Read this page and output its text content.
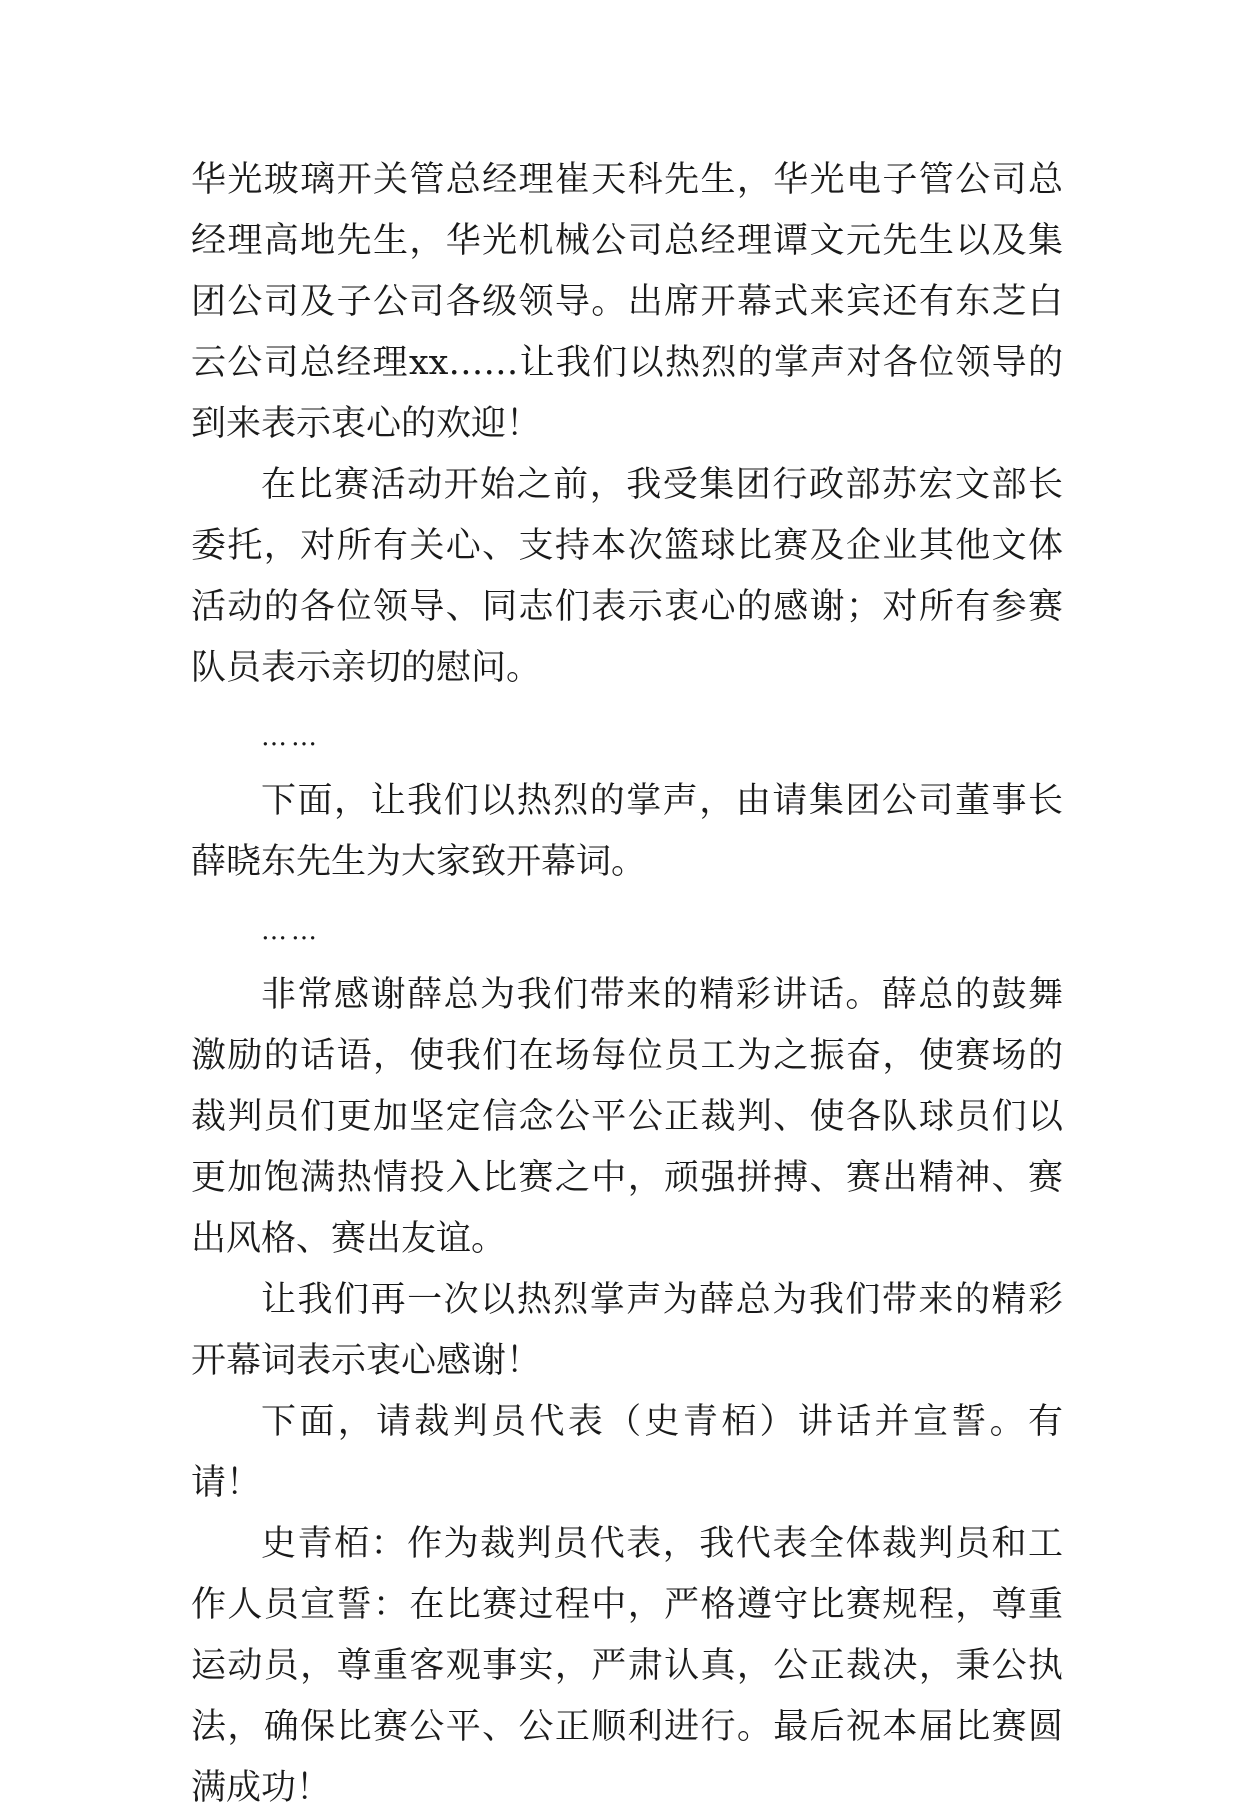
华光玻璃开关管总经理崔天科先生，华光电子管公司总经理高地先生，华光机械公司总经理谭文元先生以及集团公司及子公司各级领导。出席开幕式来宾还有东芝白云公司总经理xx……让我们以热烈的掌声对各位领导的到来表示衷心的欢迎！

在比赛活动开始之前，我受集团行政部苏宏文部长委托，对所有关心、支持本次篮球比赛及企业其他文体活动的各位领导、同志们表示衷心的感谢；对所有参赛队员表示亲切的慰问。

……

下面，让我们以热烈的掌声，由请集团公司董事长薛晓东先生为大家致开幕词。

……

非常感谢薛总为我们带来的精彩讲话。薛总的鼓舞激励的话语，使我们在场每位员工为之振奋，使赛场的裁判员们更加坚定信念公平公正裁判、使各队球员们以更加饱满热情投入比赛之中，顽强拼搏、赛出精神、赛出风格、赛出友谊。

让我们再一次以热烈掌声为薛总为我们带来的精彩开幕词表示衷心感谢！

下面，请裁判员代表（史青栢）讲话并宣誓。有请！

史青栢：作为裁判员代表，我代表全体裁判员和工作人员宣誓：在比赛过程中，严格遵守比赛规程，尊重运动员，尊重客观事实，严肃认真，公正裁决，秉公执法，确保比赛公平、公正顺利进行。最后祝本届比赛圆满成功！
